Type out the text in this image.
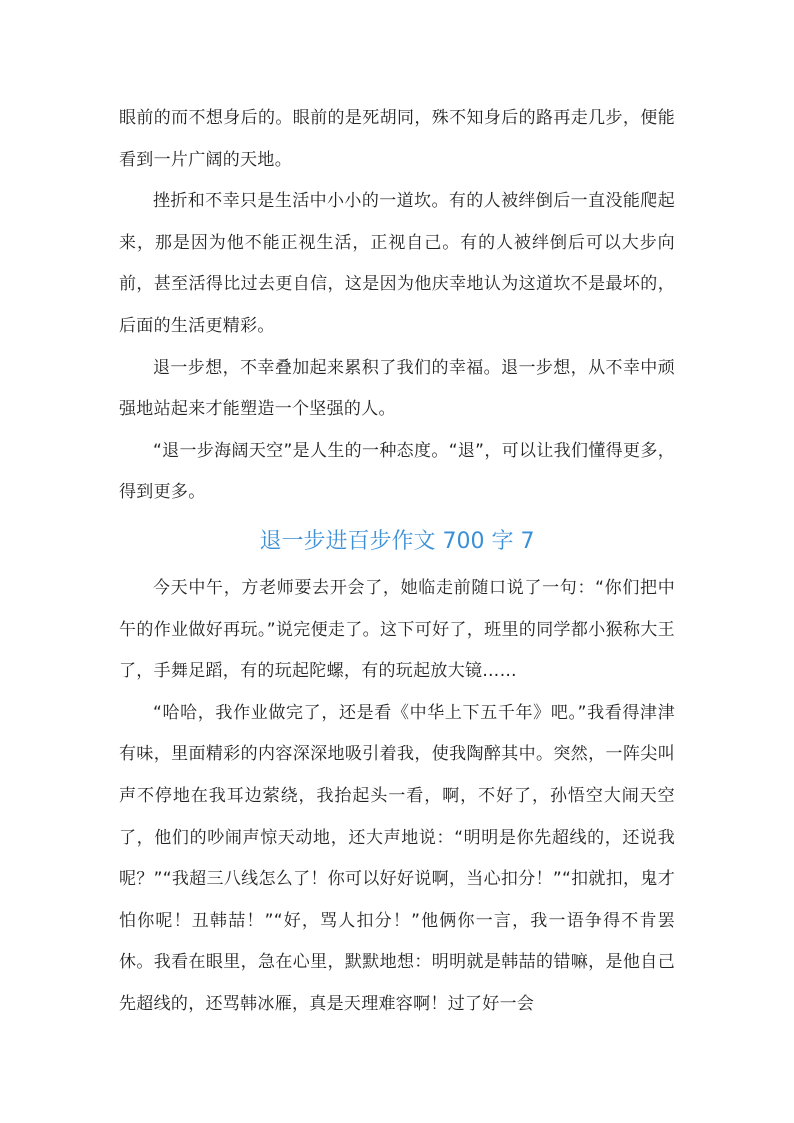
眼前的而不想身后的。眼前的是死胡同，殊不知身后的路再走几步，便能看到一片广阔的天地。

挫折和不幸只是生活中小小的一道坎。有的人被绊倒后一直没能爬起来，那是因为他不能正视生活，正视自己。有的人被绊倒后可以大步向前，甚至活得比过去更自信，这是因为他庆幸地认为这道坎不是最坏的，后面的生活更精彩。

退一步想，不幸叠加起来累积了我们的幸福。退一步想，从不幸中顽强地站起来才能塑造一个坚强的人。

“退一步海阔天空”是人生的一种态度。“退”，可以让我们懂得更多，得到更多。

退一步进百步作文 700 字 7

今天中午，方老师要去开会了，她临走前随口说了一句：“你们把中午的作业做好再玩。”说完便走了。这下可好了，班里的同学都小猴称大王了，手舞足蹈，有的玩起陀螺，有的玩起放大镜……

“哈哈，我作业做完了，还是看《中华上下五千年》吧。”我看得津津有味，里面精彩的内容深深地吸引着我，使我陶醉其中。突然，一阵尖叫声不停地在我耳边萦绕，我抬起头一看，啊，不好了，孙悟空大闹天空了，他们的吵闹声惊天动地，还大声地说：“明明是你先超线的，还说我呢？”“我超三八线怎么了！你可以好好说啊，当心扣分！”“扣就扣，鬼才怕你呢！丑韩喆！”“好，骂人扣分！”他俩你一言，我一语争得不肯罢休。我看在眼里，急在心里，默默地想：明明就是韩喆的错嘛，是他自己先超线的，还骂韩冰雁，真是天理难容啊！过了好一会
